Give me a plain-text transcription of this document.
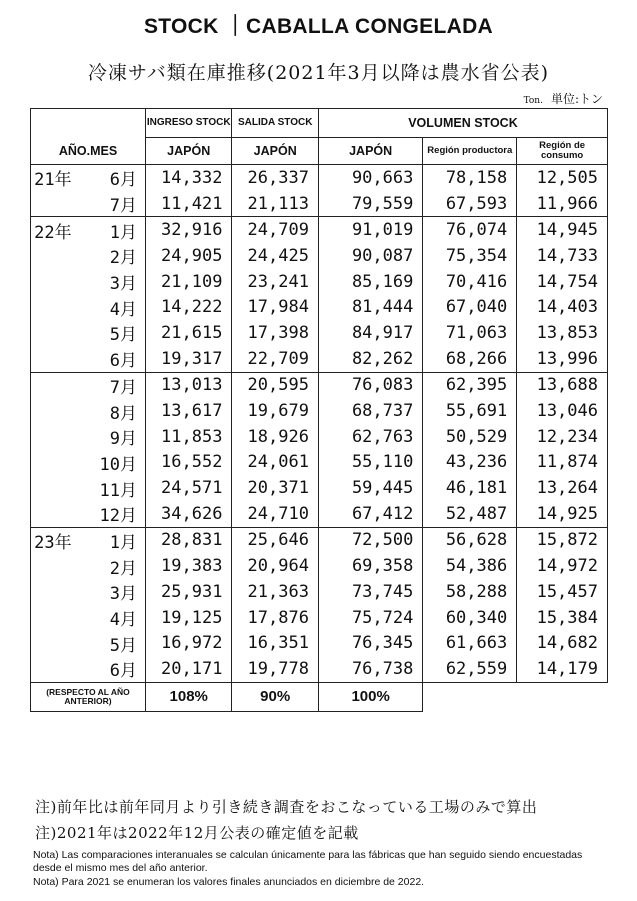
STOCK ｜CABALLA CONGELADA
冷凍サバ類在庫推移(2021年3月以降は農水省公表)
Ton. 単位:トン
		INGRESO STOCK	SALIDA STOCK	VOLUMEN STOCK		
AÑO.MES		JAPÓN	JAPÓN	JAPÓN	Región productora	Región de consumo
21年	6月	14,332	26,337	90,663	78,158	12,505
	7月	11,421	21,113	79,559	67,593	11,966
22年	1月	32,916	24,709	91,019	76,074	14,945
	2月	24,905	24,425	90,087	75,354	14,733
	3月	21,109	23,241	85,169	70,416	14,754
	4月	14,222	17,984	81,444	67,040	14,403
	5月	21,615	17,398	84,917	71,063	13,853
	6月	19,317	22,709	82,262	68,266	13,996
	7月	13,013	20,595	76,083	62,395	13,688
	8月	13,617	19,679	68,737	55,691	13,046
	9月	11,853	18,926	62,763	50,529	12,234
	10月	16,552	24,061	55,110	43,236	11,874
	11月	24,571	20,371	59,445	46,181	13,264
	12月	34,626	24,710	67,412	52,487	14,925
23年	1月	28,831	25,646	72,500	56,628	15,872
	2月	19,383	20,964	69,358	54,386	14,972
	3月	25,931	21,363	73,745	58,288	15,457
	4月	19,125	17,876	75,724	60,340	15,384
	5月	16,972	16,351	76,345	61,663	14,682
	6月	20,171	19,778	76,738	62,559	14,179
(RESPECTO AL AÑO ANTERIOR)		108%	90%	100%		
注)前年比は前年同月より引き続き調査をおこなっている工場のみで算出
注)2021年は2022年12月公表の確定値を記載
Nota) Las comparaciones interanuales se calculan únicamente para las fábricas que han seguido siendo encuestadas desde el mismo mes del año anterior.
Nota) Para 2021 se enumeran los valores finales anunciados en diciembre de 2022.
